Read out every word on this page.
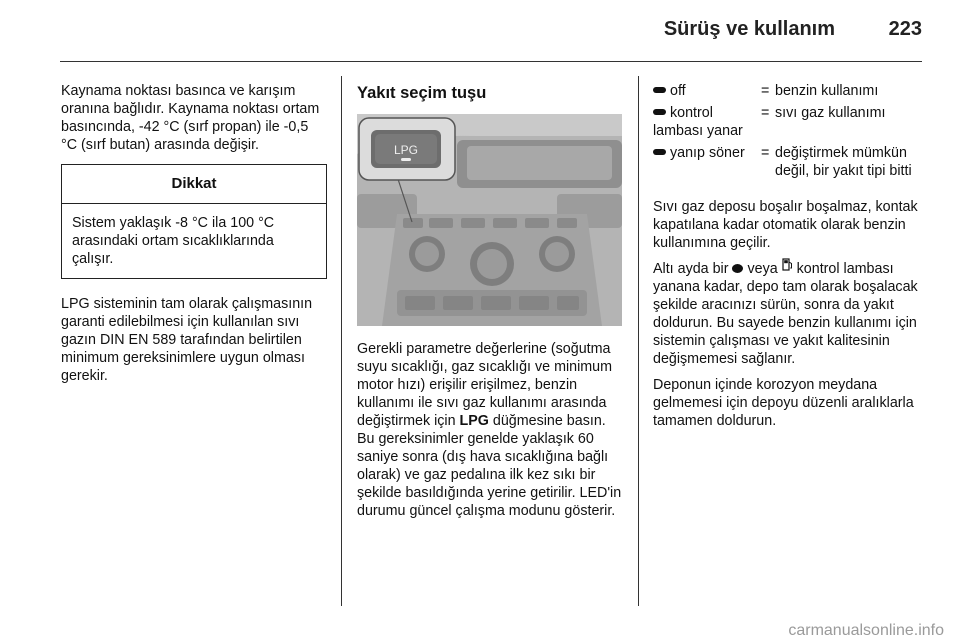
Sürüş ve kullanım	223

Kaynama noktası basınca ve karışım oranına bağlıdır. Kaynama noktası ortam basıncında, -42 °C (sırf propan) ile -0,5 °C (sırf butan) arasında değişir.

Dikkat
Sistem yaklaşık -8 °C ila 100 °C arasındaki ortam sıcaklıklarında çalışır.

LPG sisteminin tam olarak çalışmasının garanti edilebilmesi için kullanılan sıvı gazın DIN EN 589 tarafından belirtilen minimum gereksinimlere uygun olması gerekir.

Yakıt seçim tuşu
LPG

Gerekli parametre değerlerine (soğutma suyu sıcaklığı, gaz sıcaklığı ve minimum motor hızı) erişilir erişilmez, benzin kullanımı ile sıvı gaz kullanımı arasında değiştirmek için LPG düğmesine basın. Bu gereksinimler genelde yaklaşık 60 saniye sonra (dış hava sıcaklığına bağlı olarak) ve gaz pedalına ilk kez sıkı bir şekilde basıldığında yerine getirilir. LED'in durumu güncel çalışma modunu gösterir.

off	=	benzin kullanımı
kontrol lambası yanar	=	sıvı gaz kullanımı
yanıp söner	=	değiştirmek mümkün değil, bir yakıt tipi bitti

Sıvı gaz deposu boşalır boşalmaz, kontak kapatılana kadar otomatik olarak benzin kullanımına geçilir.

Altı ayda bir veya kontrol lambası yanana kadar, depo tam olarak boşalacak şekilde aracınızı sürün, sonra da yakıt doldurun. Bu sayede benzin kullanımı için sistemin çalışması ve yakıt kalitesinin değişmemesi sağlanır.

Deponun içinde korozyon meydana gelmemesi için depoyu düzenli aralıklarla tamamen doldurun.

carmanualsonline.info
